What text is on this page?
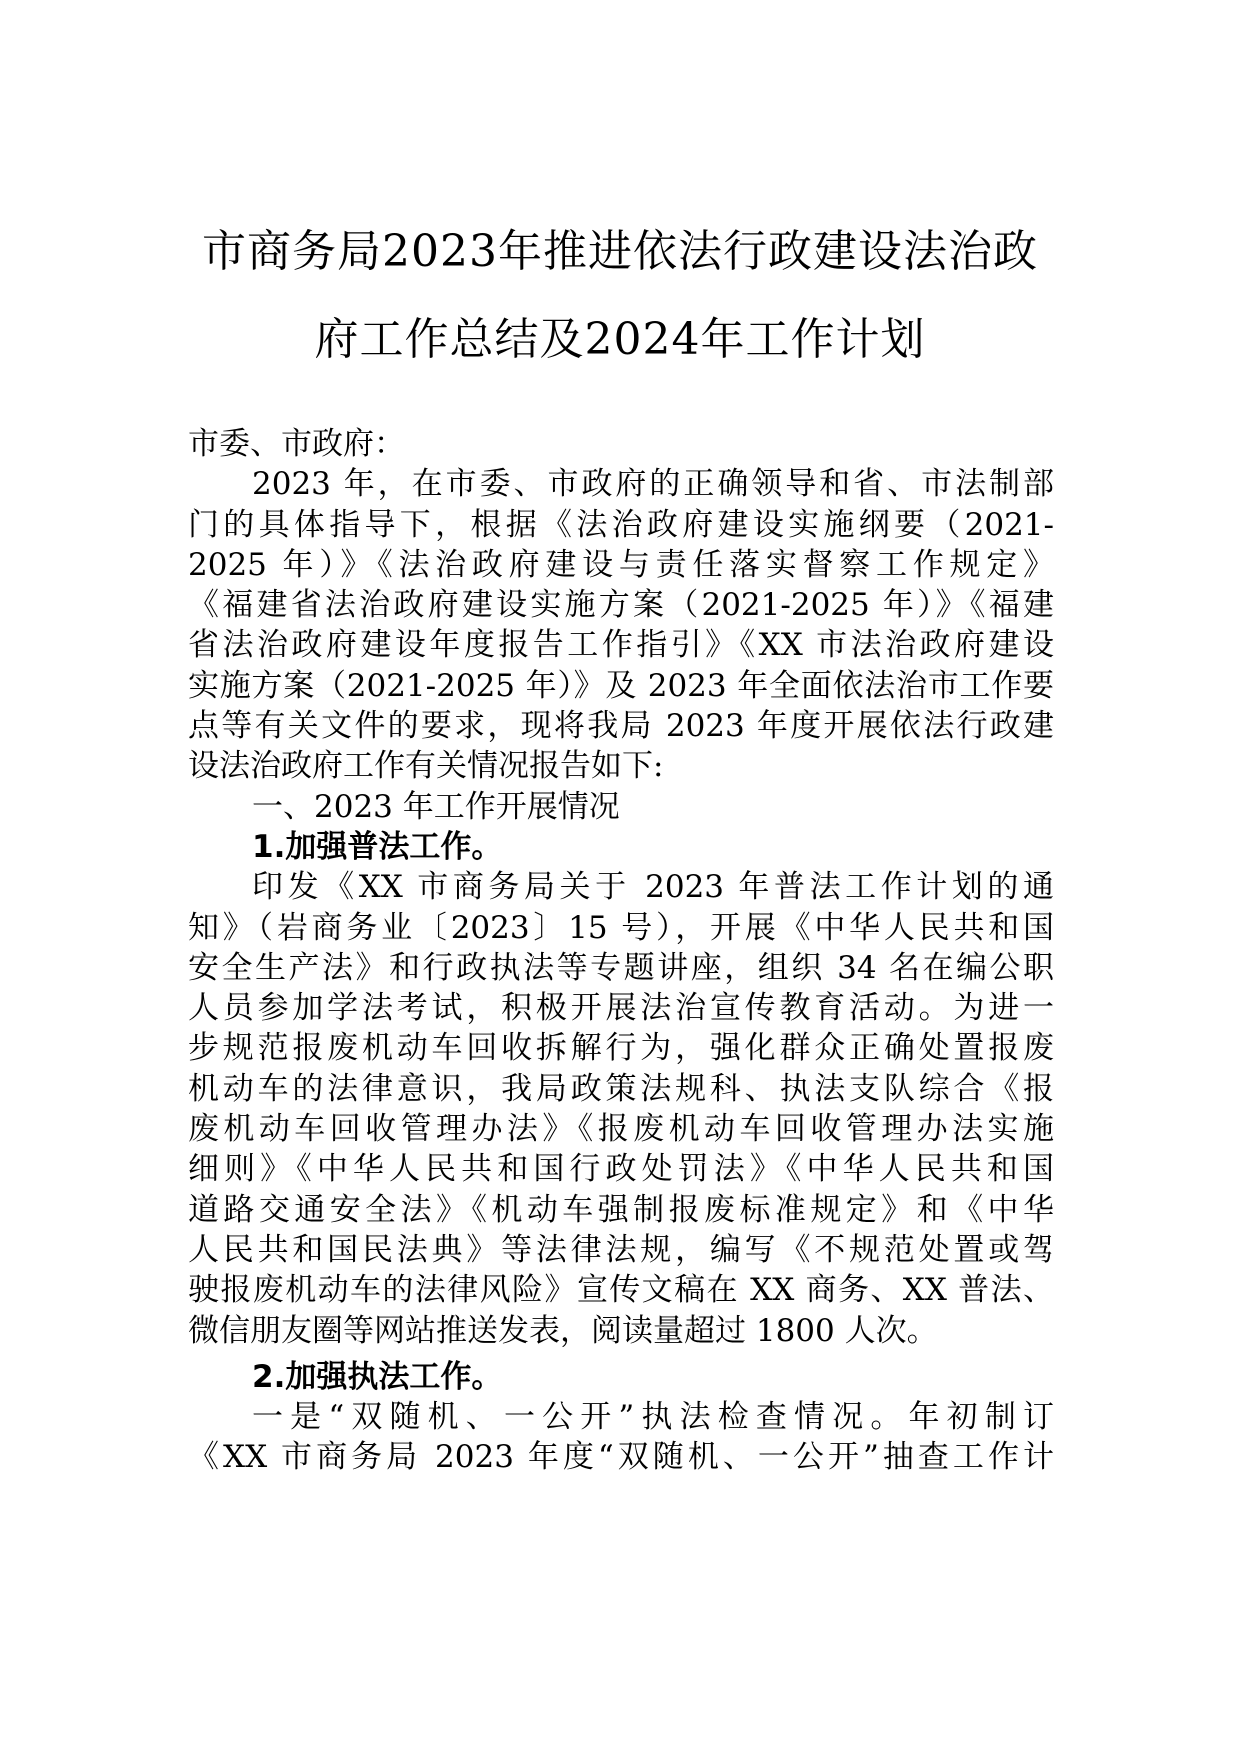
市商务局2023年推进依法行政建设法治政
府工作总结及2024年工作计划
市委、市政府：
2023 年，在市委、市政府的正确领导和省、市法制部
门的具体指导下，根据《法治政府建设实施纲要（2021-
2025 年）》《法治政府建设与责任落实督察工作规定》
《福建省法治政府建设实施方案（2021-2025 年）》《福建
省法治政府建设年度报告工作指引》《XX 市法治政府建设
实施方案（2021-2025 年）》及 2023 年全面依法治市工作要
点等有关文件的要求，现将我局 2023 年度开展依法行政建
设法治政府工作有关情况报告如下:
一、2023 年工作开展情况
1.加强普法工作。
印发《XX 市商务局关于 2023 年普法工作计划的通
知》（岩商务业〔2023〕15 号），开展《中华人民共和国
安全生产法》和行政执法等专题讲座，组织 34 名在编公职
人员参加学法考试，积极开展法治宣传教育活动。为进一
步规范报废机动车回收拆解行为，强化群众正确处置报废
机动车的法律意识，我局政策法规科、执法支队综合《报
废机动车回收管理办法》《报废机动车回收管理办法实施
细则》《中华人民共和国行政处罚法》《中华人民共和国
道路交通安全法》《机动车强制报废标准规定》和《中华
人民共和国民法典》等法律法规，编写《不规范处置或驾
驶报废机动车的法律风险》宣传文稿在 XX 商务、XX 普法、
微信朋友圈等网站推送发表，阅读量超过 1800 人次。
2.加强执法工作。
一是“双随机、一公开”执法检查情况。年初制订
《XX 市商务局 2023 年度“双随机、一公开”抽查工作计
